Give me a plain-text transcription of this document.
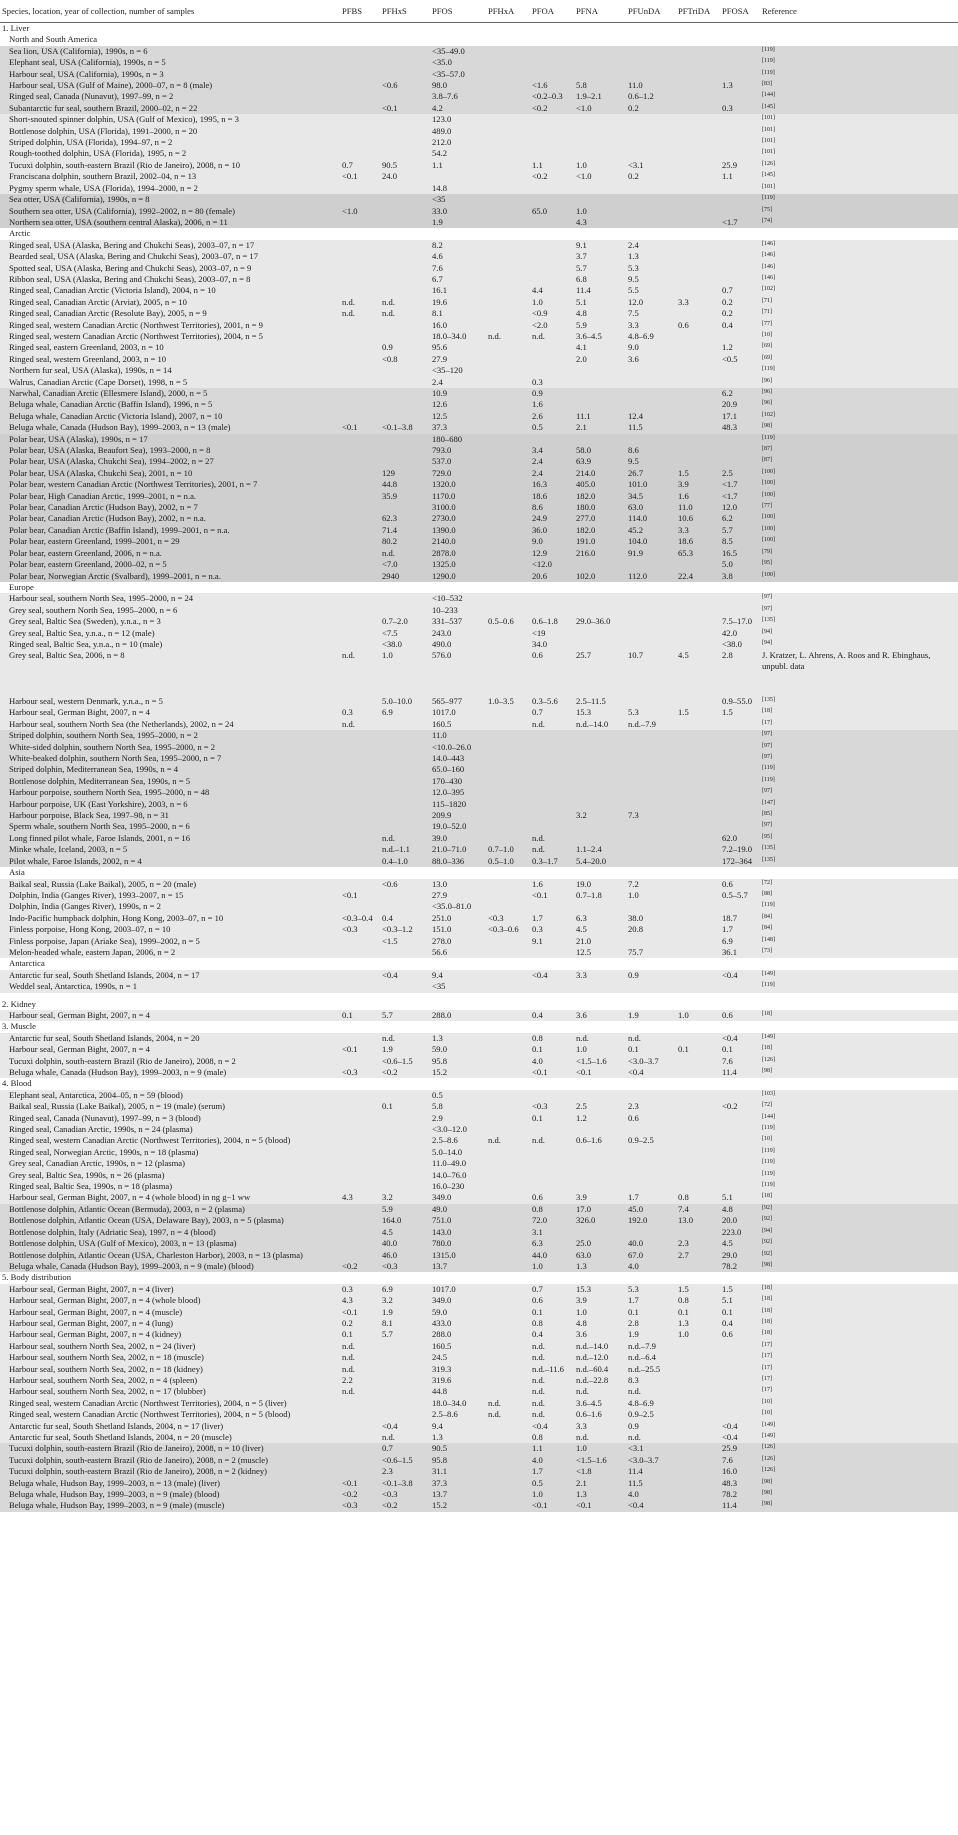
Species, location, year of collection, number of samples	PFBS	PFHxS	PFOS	PFHxA	PFOA	PFNA	PFUnDA	PFTriDA	PFOSA	Reference
1. Liver										
North and South America										
Sea lion, USA (California), 1990s, n = 6			<35–49.0							[119]
Elephant seal, USA (California), 1990s, n = 5			<35.0							[119]
Harbour seal, USA (California), 1990s, n = 3			<35–57.0							[119]
Harbour seal, USA (Gulf of Maine), 2000–07, n = 8 (male)		<0.6	98.0		<1.6	5.8	11.0		1.3	[83]
Ringed seal, Canada (Nunavut), 1997–99, n = 2			3.8–7.6		<0.2–0.3	1.9–2.1	0.6–1.2			[144]
Subantarctic fur seal, southern Brazil, 2000–02, n = 22		<0.1	4.2		<0.2	<1.0	0.2		0.3	[145]
Short-snouted spinner dolphin, USA (Gulf of Mexico), 1995, n = 3			123.0							[101]
Bottlenose dolphin, USA (Florida), 1991–2000, n = 20			489.0							[101]
Striped dolphin, USA (Florida), 1994–97, n = 2			212.0							[101]
Rough-toothed dolphin, USA (Florida), 1995, n = 2			54.2							[101]
Tucuxi dolphin, south-eastern Brazil (Rio de Janeiro), 2008, n = 10	0.7	90.5	1.1		1.1	1.0	<3.1		25.9	[126]
Franciscana dolphin, southern Brazil, 2002–04, n = 13	<0.1	24.0			<0.2	<1.0	0.2		1.1	[145]
Pygmy sperm whale, USA (Florida), 1994–2000, n = 2			14.8							[101]
Sea otter, USA (California), 1990s, n = 8			<35							[119]
Southern sea otter, USA (California), 1992–2002, n = 80 (female)	<1.0		33.0		65.0	1.0				[75]
Northern sea otter, USA (southern central Alaska), 2006, n = 11			1.9			4.3			<1.7	[74]
Arctic										
Ringed seal, USA (Alaska, Bering and Chukchi Seas), 2003–07, n = 17			8.2			9.1	2.4			[146]
Bearded seal, USA (Alaska, Bering and Chukchi Seas), 2003–07, n = 17			4.6			3.7	1.3			[146]
Spotted seal, USA (Alaska, Bering and Chukchi Seas), 2003–07, n = 9			7.6			5.7	5.3			[146]
Ribbon seal, USA (Alaska, Bering and Chukchi Seas), 2003–07, n = 8			6.7			6.8	9.5			[146]
Ringed seal, Canadian Arctic (Victoria Island), 2004, n = 10			16.1		4.4	11.4	5.5		0.7	[102]
Ringed seal, Canadian Arctic (Arviat), 2005, n = 10	n.d.	n.d.	19.6		1.0	5.1	12.0	3.3	0.2	[71]
Ringed seal, Canadian Arctic (Resolute Bay), 2005, n = 9	n.d.	n.d.	8.1		<0.9	4.8	7.5		0.2	[71]
Ringed seal, western Canadian Arctic (Northwest Territories), 2001, n = 9			16.0		<2.0	5.9	3.3	0.6	0.4	[77]
Ringed seal, western Canadian Arctic (Northwest Territories), 2004, n = 5			18.0–34.0	n.d.	n.d.	3.6–4.5	4.8–6.9			[10]
Ringed seal, eastern Greenland, 2003, n = 10		0.9	95.6			4.1	9.0		1.2	[69]
Ringed seal, western Greenland, 2003, n = 10		<0.8	27.9			2.0	3.6		<0.5	[69]
Northern fur seal, USA (Alaska), 1990s, n = 14			<35–120							[119]
Walrus, Canadian Arctic (Cape Dorset), 1998, n = 5			2.4		0.3					[96]
Narwhal, Canadian Arctic (Ellesmere Island), 2000, n = 5			10.9		0.9				6.2	[96]
Beluga whale, Canadian Arctic (Baffin Island), 1996, n = 5			12.6		1.6				20.9	[96]
Beluga whale, Canadian Arctic (Victoria Island), 2007, n = 10			12.5		2.6	11.1	12.4		17.1	[102]
Beluga whale, Canada (Hudson Bay), 1999–2003, n = 13 (male)	<0.1	<0.1–3.8	37.3		0.5	2.1	11.5		48.3	[98]
Polar bear, USA (Alaska), 1990s, n = 17			180–680							[119]
Polar bear, USA (Alaska, Beaufort Sea), 1993–2000, n = 8			793.0		3.4	58.0	8.6			[87]
Polar bear, USA (Alaska, Chukchi Sea), 1994–2002, n = 27			537.0		2.4	63.9	9.5			[87]
Polar bear, USA (Alaska, Chukchi Sea), 2001, n = 10		129	729.0		2.4	214.0	26.7	1.5	2.5	[100]
Polar bear, western Canadian Arctic (Northwest Territories), 2001, n = 7		44.8	1320.0		16.3	405.0	101.0	3.9	<1.7	[100]
Polar bear, High Canadian Arctic, 1999–2001, n = n.a.		35.9	1170.0		18.6	182.0	34.5	1.6	<1.7	[100]
Polar bear, Canadian Arctic (Hudson Bay), 2002, n = 7			3100.0		8.6	180.0	63.0	11.0	12.0	[77]
Polar bear, Canadian Arctic (Hudson Bay), 2002, n = n.a.		62.3	2730.0		24.9	277.0	114.0	10.6	6.2	[100]
Polar bear, Canadian Arctic (Baffin Island), 1999–2001, n = n.a.		71.4	1390.0		36.0	182.0	45.2	3.3	5.7	[100]
Polar bear, eastern Greenland, 1999–2001, n = 29		80.2	2140.0		9.0	191.0	104.0	18.6	8.5	[100]
Polar bear, eastern Greenland, 2006, n = n.a.		n.d.	2878.0		12.9	216.0	91.9	65.3	16.5	[79]
Polar bear, eastern Greenland, 2000–02, n = 5		<7.0	1325.0		<12.0				5.0	[95]
Polar bear, Norwegian Arctic (Svalbard), 1999–2001, n = n.a.		2940	1290.0		20.6	102.0	112.0	22.4	3.8	[100]
Europe										
Harbour seal, southern North Sea, 1995–2000, n = 24			<10–532							[97]
Grey seal, southern North Sea, 1995–2000, n = 6			10–233							[97]
Grey seal, Baltic Sea (Sweden), y.n.a., n = 3		0.7–2.0	331–537	0.5–0.6	0.6–1.8	29.0–36.0			7.5–17.0	[135]
Grey seal, Baltic Sea, y.n.a., n = 12 (male)		<7.5	243.0		<19				42.0	[94]
Ringed seal, Baltic Sea, y.n.a., n = 10 (male)		<38.0	490.0		34.0				<38.0	[94]
Grey seal, Baltic Sea, 2006, n = 8	n.d.	1.0	576.0		0.6	25.7	10.7	4.5	2.8	J. Kratzer, L. Ahrens, A. Roos and R. Ebinghaus, unpubl. data
Harbour seal, western Denmark, y.n.a., n = 5		5.0–10.0	565–977	1.0–3.5	0.3–5.6	2.5–11.5			0.9–55.0	[135]
Harbour seal, German Bight, 2007, n = 4	0.3	6.9	1017.0		0.7	15.3	5.3	1.5	1.5	[18]
Harbour seal, southern North Sea (the Netherlands), 2002, n = 24	n.d.		160.5		n.d.	n.d.–14.0	n.d.–7.9			[17]
Striped dolphin, southern North Sea, 1995–2000, n = 2			11.0							[97]
White-sided dolphin, southern North Sea, 1995–2000, n = 2			<10.0–26.0							[97]
White-beaked dolphin, southern North Sea, 1995–2000, n = 7			14.0–443							[97]
Striped dolphin, Mediterranean Sea, 1990s, n = 4			65.0–160							[119]
Bottlenose dolphin, Mediterranean Sea, 1990s, n = 5			170–430							[119]
Harbour porpoise, southern North Sea, 1995–2000, n = 48			12.0–395							[97]
Harbour porpoise, UK (East Yorkshire), 2003, n = 6			115–1820							[147]
Harbour porpoise, Black Sea, 1997–98, n = 31			209.9			3.2	7.3			[85]
Sperm whale, southern North Sea, 1995–2000, n = 6			19.0–52.0							[97]
Long finned pilot whale, Faroe Islands, 2001, n = 16		n.d.	39.0		n.d.				62.0	[95]
Minke whale, Iceland, 2003, n = 5		n.d.–1.1	21.0–71.0	0.7–1.0	n.d.	1.1–2.4			7.2–19.0	[135]
Pilot whale, Faroe Islands, 2002, n = 4		0.4–1.0	88.0–336	0.5–1.0	0.3–1.7	5.4–20.0			172–364	[135]
Asia										
Baikal seal, Russia (Lake Baikal), 2005, n = 20 (male)		<0.6	13.0		1.6	19.0	7.2		0.6	[72]
Dolphin, India (Ganges River), 1993–2007, n = 15	<0.1		27.9		<0.1	0.7–1.8	1.0		0.5–5.7	[88]
Dolphin, India (Ganges River), 1990s, n = 2			<35.0–81.0							[119]
Indo-Pacific humpback dolphin, Hong Kong, 2003–07, n = 10	<0.3–0.4	0.4	251.0	<0.3	1.7	6.3	38.0		18.7	[84]
Finless porpoise, Hong Kong, 2003–07, n = 10	<0.3	<0.3–1.2	151.0	<0.3–0.6	0.3	4.5	20.8		1.7	[84]
Finless porpoise, Japan (Ariake Sea), 1999–2002, n = 5		<1.5	278.0		9.1	21.0			6.9	[148]
Melon-headed whale, eastern Japan, 2006, n = 2			56.6			12.5	75.7		36.1	[73]
Antarctica										
Antarctic fur seal, South Shetland Islands, 2004, n = 17		<0.4	9.4		<0.4	3.3	0.9		<0.4	[149]
Weddel seal, Antarctica, 1990s, n = 1			<35							[119]

2. Kidney										
Harbour seal, German Bight, 2007, n = 4	0.1	5.7	288.0		0.4	3.6	1.9	1.0	0.6	[18]
3. Muscle										
Antarctic fur seal, South Shetland Islands, 2004, n = 20		n.d.	1.3		0.8	n.d.	n.d.		<0.4	[149]
Harbour seal, German Bight, 2007, n = 4	<0.1	1.9	59.0		0.1	1.0	0.1	0.1	0.1	[18]
Tucuxi dolphin, south-eastern Brazil (Rio de Janeiro), 2008, n = 2		<0.6–1.5	95.8		4.0	<1.5–1.6	<3.0–3.7		7.6	[126]
Beluga whale, Canada (Hudson Bay), 1999–2003, n = 9 (male)	<0.3	<0.2	15.2		<0.1	<0.1	<0.4		11.4	[98]
4. Blood										
Elephant seal, Antarctica, 2004–05, n = 59 (blood)			0.5							[103]
Baikal seal, Russia (Lake Baikal), 2005, n = 19 (male) (serum)		0.1	5.8		<0.3	2.5	2.3		<0.2	[72]
Ringed seal, Canada (Nunavut), 1997–99, n = 3 (blood)			2.9		0.1	1.2	0.6			[144]
Ringed seal, Canadian Arctic, 1990s, n = 24 (plasma)			<3.0–12.0							[119]
Ringed seal, western Canadian Arctic (Northwest Territories), 2004, n = 5 (blood)			2.5–8.6	n.d.	n.d.	0.6–1.6	0.9–2.5			[10]
Ringed seal, Norwegian Arctic, 1990s, n = 18 (plasma)			5.0–14.0							[119]
Grey seal, Canadian Arctic, 1990s, n = 12 (plasma)			11.0–49.0							[119]
Grey seal, Baltic Sea, 1990s, n = 26 (plasma)			14.0–76.0							[119]
Ringed seal, Baltic Sea, 1990s, n = 18 (plasma)			16.0–230							[119]
Harbour seal, German Bight, 2007, n = 4 (whole blood) in ng g−1 ww	4.3	3.2	349.0		0.6	3.9	1.7	0.8	5.1	[18]
Bottlenose dolphin, Atlantic Ocean (Bermuda), 2003, n = 2 (plasma)		5.9	49.0		0.8	17.0	45.0	7.4	4.8	[92]
Bottlenose dolphin, Atlantic Ocean (USA, Delaware Bay), 2003, n = 5 (plasma)		164.0	751.0		72.0	326.0	192.0	13.0	20.0	[92]
Bottlenose dolphin, Italy (Adriatic Sea), 1997, n = 4 (blood)		4.5	143.0		3.1				223.0	[94]
Bottlenose dolphin, USA (Gulf of Mexico), 2003, n = 13 (plasma)		40.0	780.0		6.3	25.0	40.0	2.3	4.5	[92]
Bottlenose dolphin, Atlantic Ocean (USA, Charleston Harbor), 2003, n = 13 (plasma)		46.0	1315.0		44.0	63.0	67.0	2.7	29.0	[92]
Beluga whale, Canada (Hudson Bay), 1999–2003, n = 9 (male) (blood)	<0.2	<0.3	13.7		1.0	1.3	4.0		78.2	[98]
5. Body distribution										
Harbour seal, German Bight, 2007, n = 4 (liver)	0.3	6.9	1017.0		0.7	15.3	5.3	1.5	1.5	[18]
Harbour seal, German Bight, 2007, n = 4 (whole blood)	4.3	3.2	349.0		0.6	3.9	1.7	0.8	5.1	[18]
Harbour seal, German Bight, 2007, n = 4 (muscle)	<0.1	1.9	59.0		0.1	1.0	0.1	0.1	0.1	[18]
Harbour seal, German Bight, 2007, n = 4 (lung)	0.2	8.1	433.0		0.8	4.8	2.8	1.3	0.4	[18]
Harbour seal, German Bight, 2007, n = 4 (kidney)	0.1	5.7	288.0		0.4	3.6	1.9	1.0	0.6	[18]
Harbour seal, southern North Sea, 2002, n = 24 (liver)	n.d.		160.5		n.d.	n.d.–14.0	n.d.–7.9			[17]
Harbour seal, southern North Sea, 2002, n = 18 (muscle)	n.d.		24.5		n.d.	n.d.–12.0	n.d.–6.4			[17]
Harbour seal, southern North Sea, 2002, n = 18 (kidney)	n.d.		319.3		n.d.–11.6	n.d.–60.4	n.d.–25.5			[17]
Harbour seal, southern North Sea, 2002, n = 4 (spleen)	2.2		319.6		n.d.	n.d.–22.8	8.3			[17]
Harbour seal, southern North Sea, 2002, n = 17 (blubber)	n.d.		44.8		n.d.	n.d.	n.d.			[17]
Ringed seal, western Canadian Arctic (Northwest Territories), 2004, n = 5 (liver)			18.0–34.0	n.d.	n.d.	3.6–4.5	4.8–6.9			[10]
Ringed seal, western Canadian Arctic (Northwest Territories), 2004, n = 5 (blood)			2.5–8.6	n.d.	n.d.	0.6–1.6	0.9–2.5			[10]
Antarctic fur seal, South Shetland Islands, 2004, n = 17 (liver)		<0.4	9.4		<0.4	3.3	0.9		<0.4	[149]
Antarctic fur seal, South Shetland Islands, 2004, n = 20 (muscle)		n.d.	1.3		0.8	n.d.	n.d.		<0.4	[149]
Tucuxi dolphin, south-eastern Brazil (Rio de Janeiro), 2008, n = 10 (liver)		0.7	90.5		1.1	1.0	<3.1		25.9	[126]
Tucuxi dolphin, south-eastern Brazil (Rio de Janeiro), 2008, n = 2 (muscle)		<0.6–1.5	95.8		4.0	<1.5–1.6	<3.0–3.7		7.6	[126]
Tucuxi dolphin, south-eastern Brazil (Rio de Janeiro), 2008, n = 2 (kidney)		2.3	31.1		1.7	<1.8	11.4		16.0	[126]
Beluga whale, Hudson Bay, 1999–2003, n = 13 (male) (liver)	<0.1	<0.1–3.8	37.3		0.5	2.1	11.5		48.3	[98]
Beluga whale, Hudson Bay, 1999–2003, n = 9 (male) (blood)	<0.2	<0.3	13.7		1.0	1.3	4.0		78.2	[98]
Beluga whale, Hudson Bay, 1999–2003, n = 9 (male) (muscle)	<0.3	<0.2	15.2		<0.1	<0.1	<0.4		11.4	[98]
